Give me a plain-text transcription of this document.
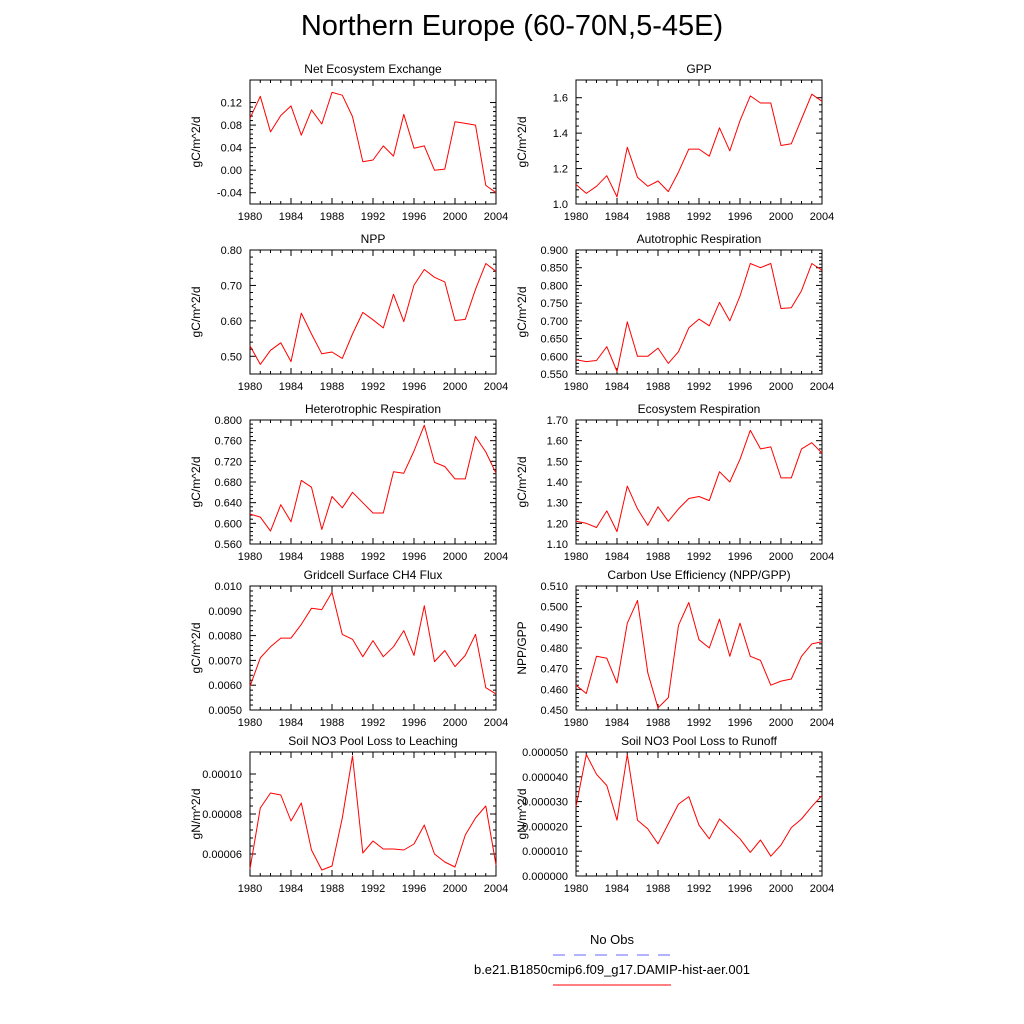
Northern Europe (60-70N,5-45E)
Net Ecosystem Exchange
gC/m^2/d
1980 1984 1988 1992 1996 2000 2004
-0.04
0.00
0.04
0.08
0.12
GPP
gC/m^2/d
1980 1984 1988 1992 1996 2000 2004
1.0
1.2
1.4
1.6
NPP
gC/m^2/d
1980 1984 1988 1992 1996 2000 2004
0.50
0.60
0.70
0.80
Autotrophic Respiration
gC/m^2/d
1980 1984 1988 1992 1996 2000 2004
0.550
0.600
0.650
0.700
0.750
0.800
0.850
0.900
Heterotrophic Respiration
gC/m^2/d
1980 1984 1988 1992 1996 2000 2004
0.560
0.600
0.640
0.680
0.720
0.760
0.800
Ecosystem Respiration
gC/m^2/d
1980 1984 1988 1992 1996 2000 2004
1.10
1.20
1.30
1.40
1.50
1.60
1.70
Gridcell Surface CH4 Flux
gC/m^2/d
1980 1984 1988 1992 1996 2000 2004
0.0050
0.0060
0.0070
0.0080
0.0090
0.010
Carbon Use Efficiency (NPP/GPP)
NPP/GPP
1980 1984 1988 1992 1996 2000 2004
0.450
0.460
0.470
0.480
0.490
0.500
0.510
Soil NO3 Pool Loss to Leaching
gN/m^2/d
1980 1984 1988 1992 1996 2000 2004
0.00006
0.00008
0.00010
Soil NO3 Pool Loss to Runoff
gN/m^2/d
1980 1984 1988 1992 1996 2000 2004
0.000000
0.000010
0.000020
0.000030
0.000040
0.000050
No Obs
b.e21.B1850cmip6.f09_g17.DAMIP-hist-aer.001
